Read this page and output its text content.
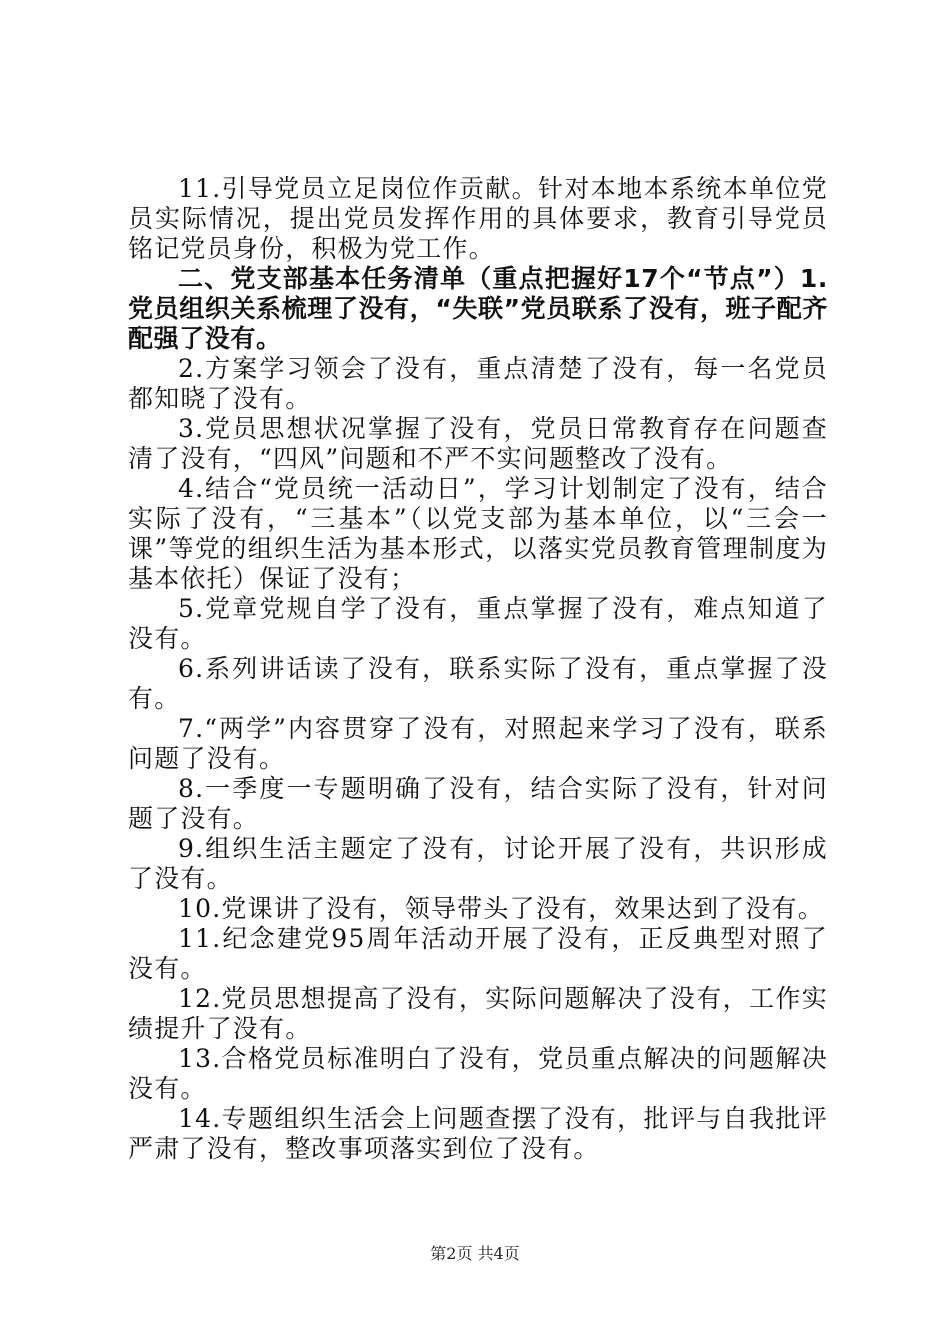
11.引导党员立足岗位作贡献。针对本地本系统本单位党员实际情况，提出党员发挥作用的具体要求，教育引导党员铭记党员身份，积极为党工作。

二、党支部基本任务清单（重点把握好17个“节点”）1.党员组织关系梳理了没有，“失联”党员联系了没有，班子配齐配强了没有。

2.方案学习领会了没有，重点清楚了没有，每一名党员都知晓了没有。

3.党员思想状况掌握了没有，党员日常教育存在问题查清了没有，“四风”问题和不严不实问题整改了没有。

4.结合“党员统一活动日”，学习计划制定了没有，结合实际了没有，“三基本”（以党支部为基本单位，以“三会一课”等党的组织生活为基本形式，以落实党员教育管理制度为基本依托）保证了没有；

5.党章党规自学了没有，重点掌握了没有，难点知道了没有。

6.系列讲话读了没有，联系实际了没有，重点掌握了没有。

7.“两学”内容贯穿了没有，对照起来学习了没有，联系问题了没有。

8.一季度一专题明确了没有，结合实际了没有，针对问题了没有。

9.组织生活主题定了没有，讨论开展了没有，共识形成了没有。

10.党课讲了没有，领导带头了没有，效果达到了没有。

11.纪念建党95周年活动开展了没有，正反典型对照了没有。

12.党员思想提高了没有，实际问题解决了没有，工作实绩提升了没有。

13.合格党员标准明白了没有，党员重点解决的问题解决没有。

14.专题组织生活会上问题查摆了没有，批评与自我批评严肃了没有，整改事项落实到位了没有。

第2页 共4页
